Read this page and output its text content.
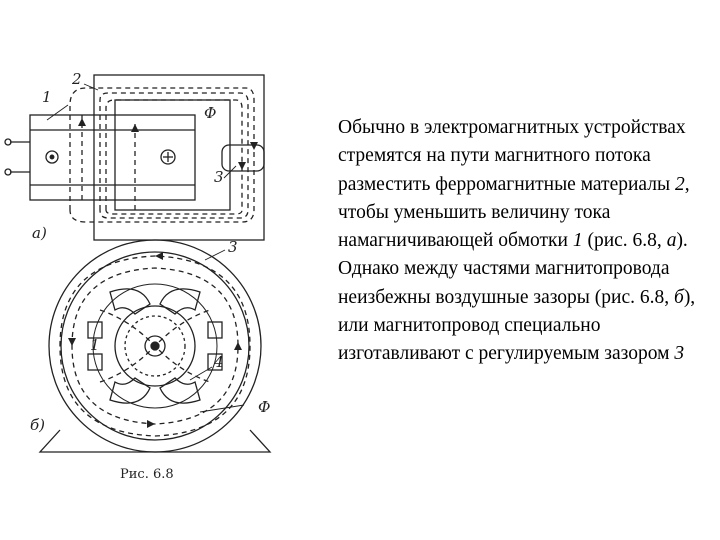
1
2
3
Ф
а)
3
4
1
Ф
б)
Рис. 6.8

Обычно в электромагнитных устройствах стремятся на пути магнитного потока разместить ферромагнитные материалы 2, чтобы уменьшить величину тока намагничивающей обмотки 1 (рис. 6.8, а). Однако между частями магнитопровода неизбежны воздушные зазоры (рис. 6.8, б), или магнитопровод специально изготавливают с регулируемым зазором 3
